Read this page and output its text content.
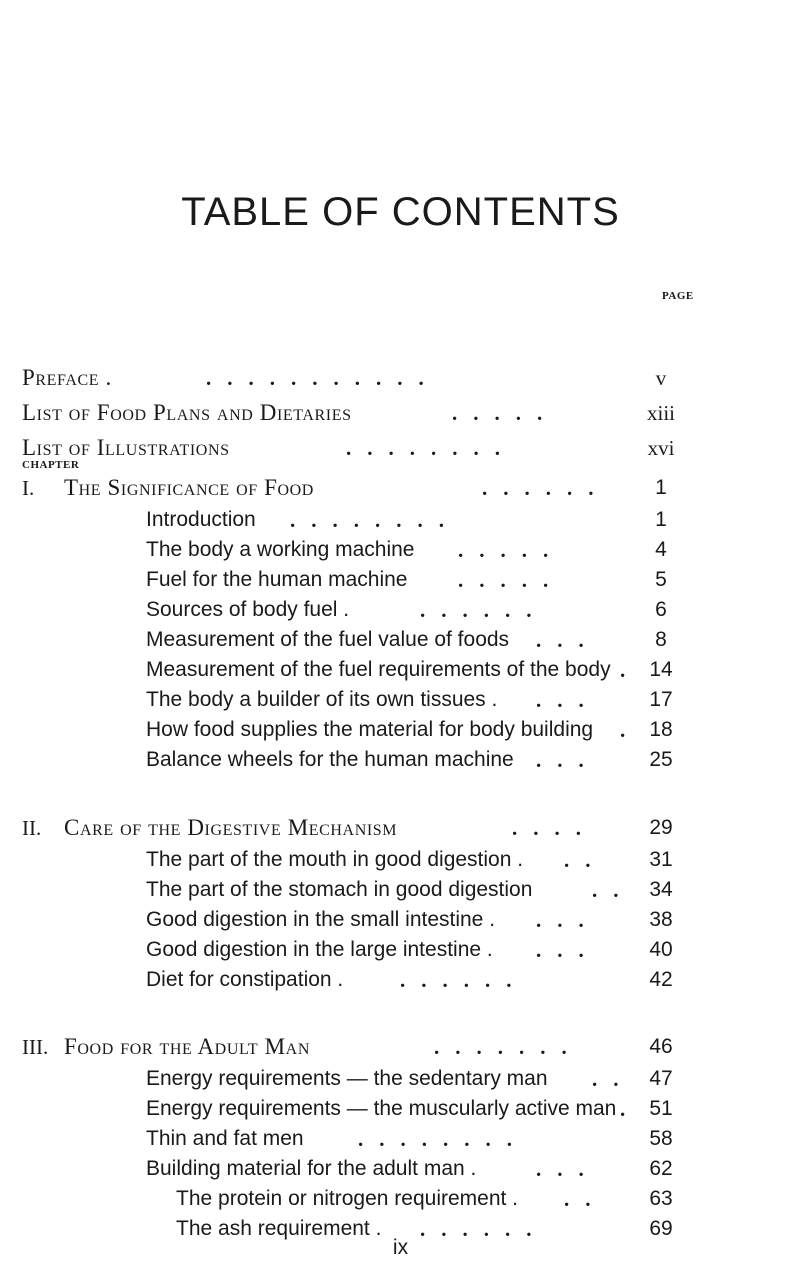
TABLE OF CONTENTS
PAGE
Preface .	...........	v
List of Food Plans and Dietaries	.....	xiii
List of Illustrations	........	xvi
CHAPTER
I. The Significance of Food	......	1
Introduction ........	1
The body a working machine .....	4
Fuel for the human machine .....	5
Sources of body fuel .	......	6
Measurement of the fuel value of foods ...	8
Measurement of the fuel requirements of the body . 14
The body a builder of its own tissues . ...	17
How food supplies the material for body building . 18
Balance wheels for the human machine ...	25
II. Care of the Digestive Mechanism	....	29
The part of the mouth in good digestion . ..	31
The part of the stomach in good digestion	.. 34
Good digestion in the small intestine . ...	38
Good digestion in the large intestine . ...	40
Diet for constipation .	......	42
III. Food for the Adult Man	.......	46
Energy requirements — the sedentary man .. 47
Energy requirements — the muscularly active man . 51
Thin and fat men	........	58
Building material for the adult man .	...	62
The protein or nitrogen requirement . ..	63
The ash requirement . ......	69
ix
